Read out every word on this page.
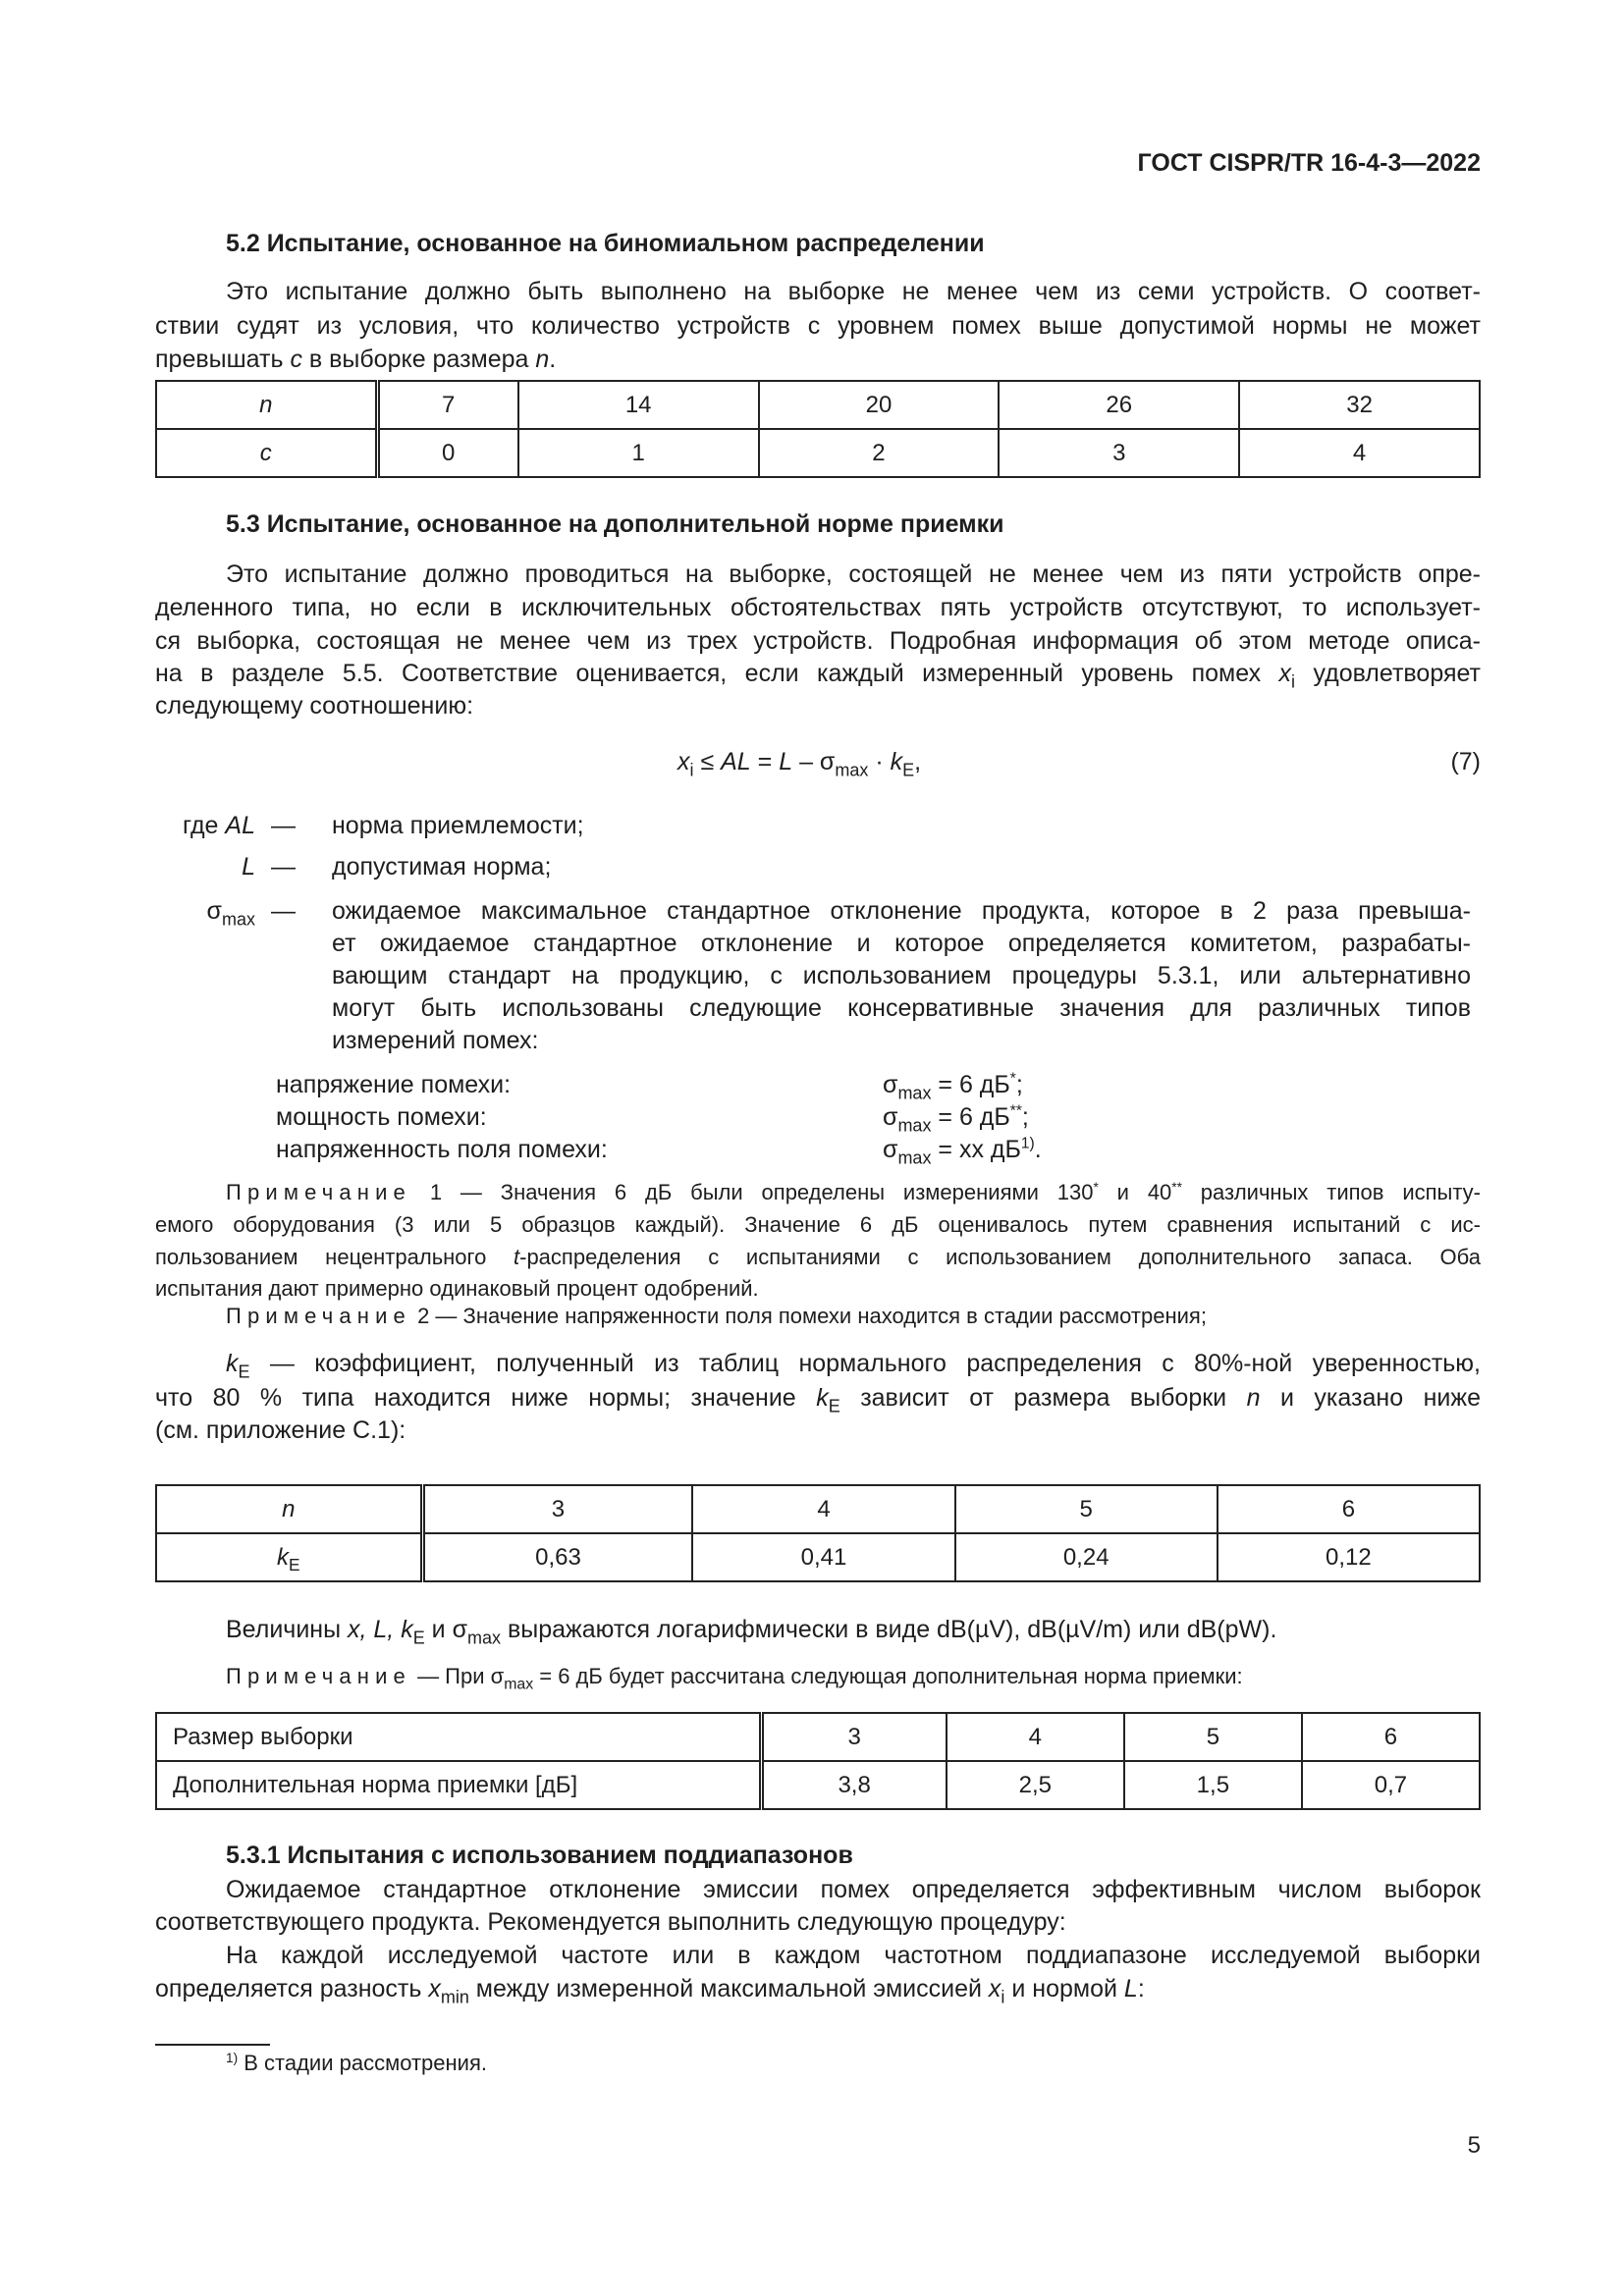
ГОСТ CISPR/TR 16-4-3—2022
5.2 Испытание, основанное на биномиальном распределении
Это испытание должно быть выполнено на выборке не менее чем из семи устройств. О соответ-
ствии судят из условия, что количество устройств с уровнем помех выше допустимой нормы не может
превышать c в выборке размера n.
n	7	14	20	26	32
c	0	1	2	3	4
5.3 Испытание, основанное на дополнительной норме приемки
Это испытание должно проводиться на выборке, состоящей не менее чем из пяти устройств опре-
деленного типа, но если в исключительных обстоятельствах пять устройств отсутствуют, то использует-
ся выборка, состоящая не менее чем из трех устройств. Подробная информация об этом методе описа-
на в разделе 5.5. Соответствие оценивается, если каждый измеренный уровень помех $x_i$ удовлетворяет
следующему соотношению:
$x_i$ ≤ AL = $L - \sigma_{max} \cdot k_E$,	(7)
где AL —	норма приемлемости;
L —	допустимая норма;
$\sigma_{max}$ —	ожидаемое максимальное стандартное отклонение продукта, которое в 2 раза превыша-
ет ожидаемое стандартное отклонение и которое определяется комитетом, разрабаты-
вающим стандарт на продукцию, с использованием процедуры 5.3.1, или альтернативно
могут быть использованы следующие консервативные значения для различных типов
измерений помех:
напряжение помехи:	$\sigma_{max} = 6$ дБ*;
мощность помехи:	$\sigma_{max} = 6$ дБ**;
напряженность поля помехи:	$\sigma_{max}$ = xx $дБ^{1)}$.
Примечание 1 — Значения 6 дБ были определены измерениями 130* и 40** различных типов испыту-
емого оборудования (3 или 5 образцов каждый). Значение 6 дБ оценивалось путем сравнения испытаний с ис-
пользованием нецентрального t-распределения с испытаниями с использованием дополнительного запаса. Оба
испытания дают примерно одинаковый процент одобрений.
Примечание 2 — Значение напряженности поля помехи находится в стадии рассмотрения;
$k_E$ — коэффициент, полученный из таблиц нормального распределения с 80%-ной уверенностью,
что 80 % типа находится ниже нормы; значение $k_E$ зависит от размера выборки n и указано ниже
(см. приложение С.1):
n	3	4	5	6
$k_E$	0,63	0,41	0,24	0,12
Величины x, L, $k_E$ и $\sigma_{max}$ выражаются логарифмически в виде dB(µV), dB(µV/m) или dB(pW).
Примечание — При $\sigma_{max} = 6$ дБ будет рассчитана следующая дополнительная норма приемки:
Размер выборки	3	4	5	6
Дополнительная норма приемки [дБ]	3,8	2,5	1,5	0,7
5.3.1 Испытания с использованием поддиапазонов
Ожидаемое стандартное отклонение эмиссии помех определяется эффективным числом выборок
соответствующего продукта. Рекомендуется выполнить следующую процедуру:
На каждой исследуемой частоте или в каждом частотном поддиапазоне исследуемой выборки
определяется разность $x_{min}$ между измеренной максимальной эмиссией $x_i$ и нормой L:
$^{1)}$ В стадии рассмотрения.
5
